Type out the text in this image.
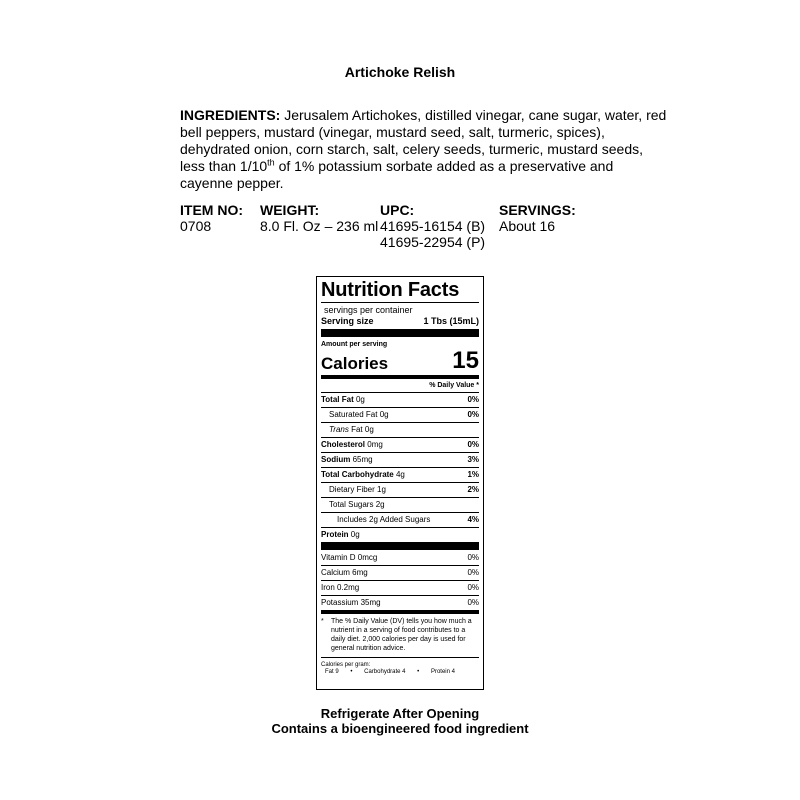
Artichoke Relish
INGREDIENTS: Jerusalem Artichokes, distilled vinegar, cane sugar, water, red bell peppers, mustard (vinegar, mustard seed, salt, turmeric, spices), dehydrated onion, corn starch, salt, celery seeds, turmeric, mustard seeds, less than 1/10th of 1% potassium sorbate added as a preservative and cayenne pepper.
ITEM NO:
0708
WEIGHT:
8.0 Fl. Oz – 236 ml
UPC:
41695-16154 (B)
41695-22954 (P)
SERVINGS:
About 16
Nutrition Facts
servings per container
Serving size	1 Tbs (15mL)
Amount per serving
Calories	15
% Daily Value *
Total Fat 0g	0%
Saturated Fat 0g	0%
Trans Fat 0g
Cholesterol 0mg	0%
Sodium 65mg	3%
Total Carbohydrate 4g	1%
Dietary Fiber 1g	2%
Total Sugars 2g
Includes 2g Added Sugars	4%
Protein 0g
Vitamin D 0mcg	0%
Calcium 6mg	0%
Iron 0.2mg	0%
Potassium 35mg	0%
*	The % Daily Value (DV) tells you how much a nutrient in a serving of food contributes to a daily diet. 2,000 calories per day is used for general nutrition advice.
Calories per gram:
Fat 9 • Carbohydrate 4 • Protein 4
Refrigerate After Opening
Contains a bioengineered food ingredient
